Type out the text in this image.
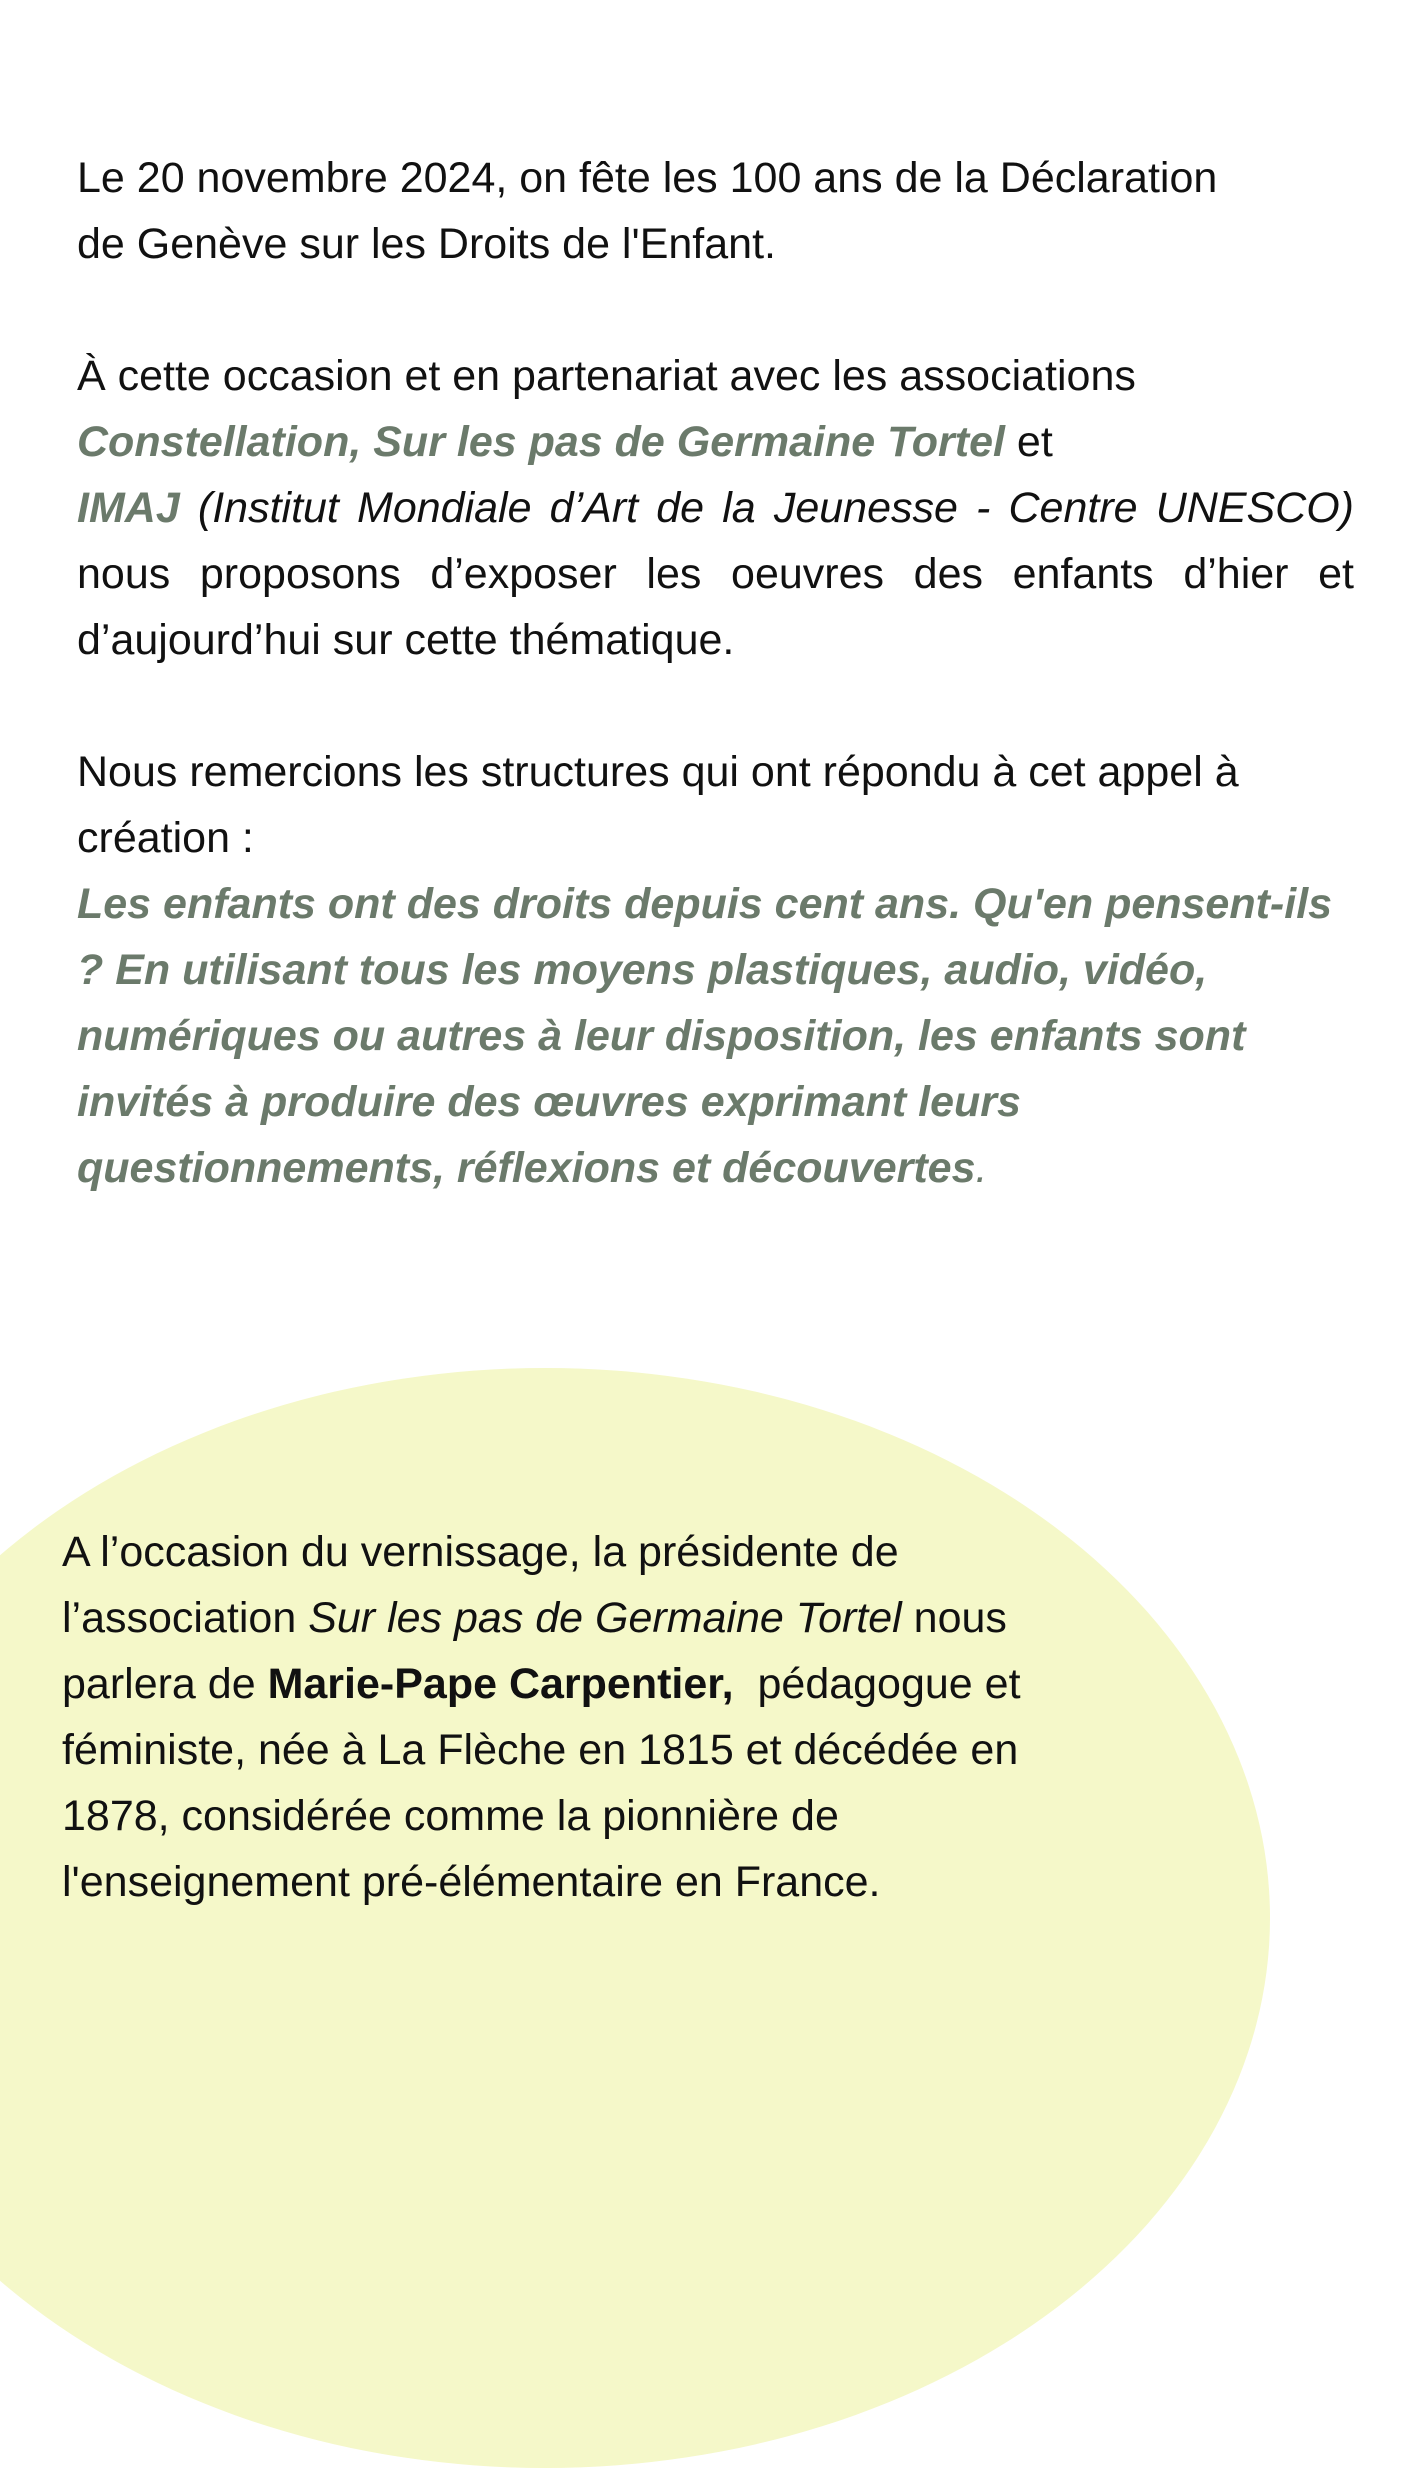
Le 20 novembre 2024, on fête les 100 ans de la Déclaration
de Genève sur les Droits de l'Enfant.

À cette occasion et en partenariat avec les associations
Constellation, Sur les pas de Germaine Tortel et

IMAJ (Institut Mondiale d’Art de la Jeunesse - Centre UNESCO) nous proposons d’exposer les oeuvres des enfants d’hier et d’aujourd’hui sur cette thématique.

Nous remercions les structures qui ont répondu à cet appel à création :

Les enfants ont des droits depuis cent ans. Qu'en pensent-ils ? En utilisant tous les moyens plastiques, audio, vidéo, numériques ou autres à leur disposition, les enfants sont invités à produire des œuvres exprimant leurs questionnements, réflexions et découvertes.

A l’occasion du vernissage, la présidente de
l’association Sur les pas de Germaine Tortel nous
parlera de Marie-Pape Carpentier,  pédagogue et
féministe, née à La Flèche en 1815 et décédée en
1878, considérée comme la pionnière de
l'enseignement pré-élémentaire en France.
